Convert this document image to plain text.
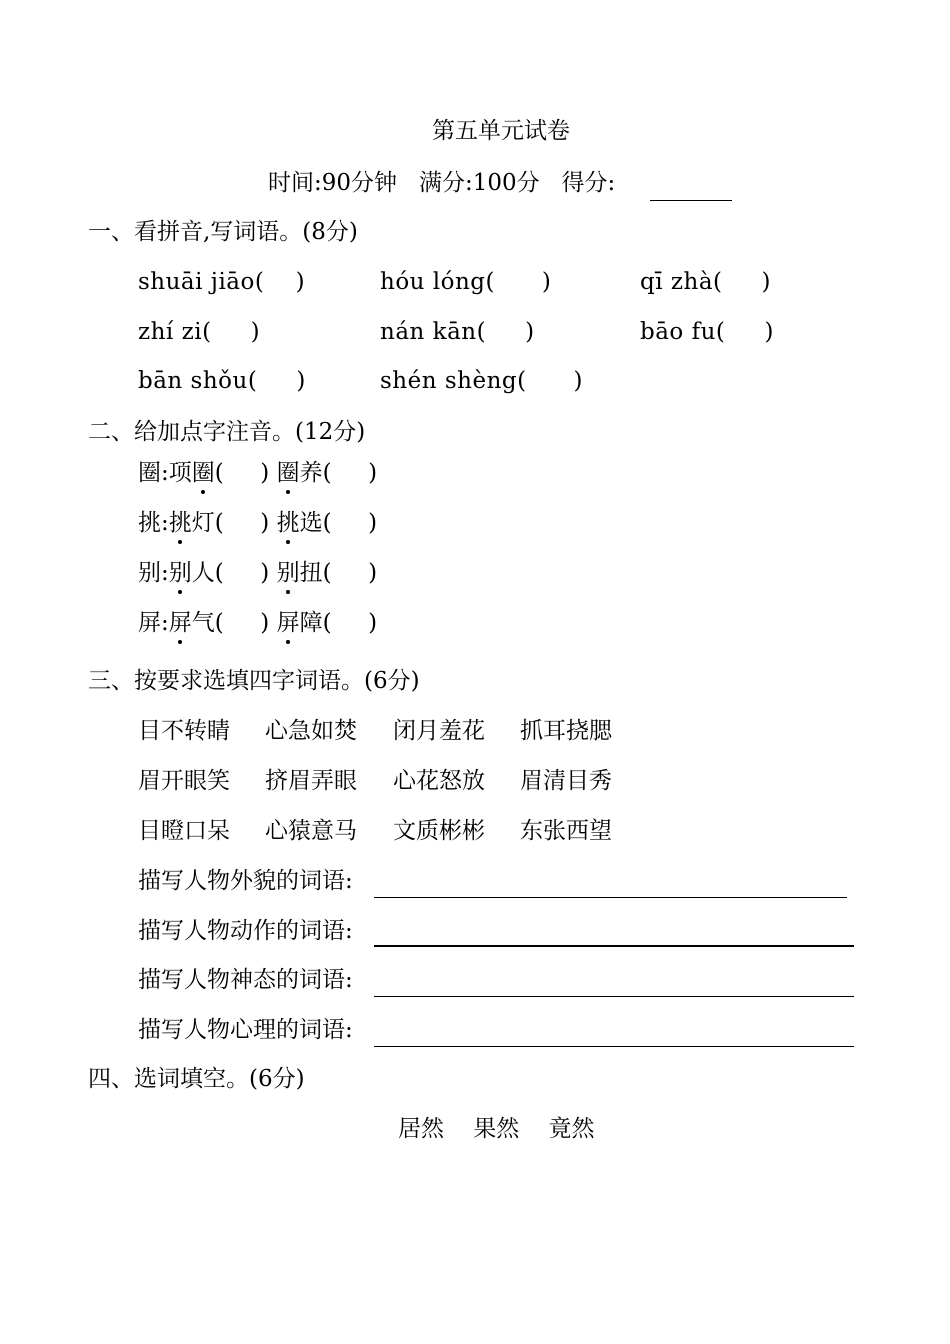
第五单元试卷
时间:90分钟 满分:100分 得分:
一、看拼音,写词语。(8分)
shuāi jiāo(    )	hóu lóng(      )	qī zhà(     )
zhí zi(     )	nán kān(     )	bāo fu(     )
bān shǒu(     )	shén shèng(      )
二、给加点字注音。(12分)
圈:项圈(     ) 圈养(     )
挑:挑灯(     ) 挑选(     )
别:别人(     ) 别扭(     )
屏:屏气(     ) 屏障(     )
三、按要求选填四字词语。(6分)
目不转睛 心急如焚 闭月羞花 抓耳挠腮
眉开眼笑 挤眉弄眼 心花怒放 眉清目秀
目瞪口呆 心猿意马 文质彬彬 东张西望
描写人物外貌的词语:
描写人物动作的词语:
描写人物神态的词语:
描写人物心理的词语:
四、选词填空。(6分)
居然    果然    竟然
